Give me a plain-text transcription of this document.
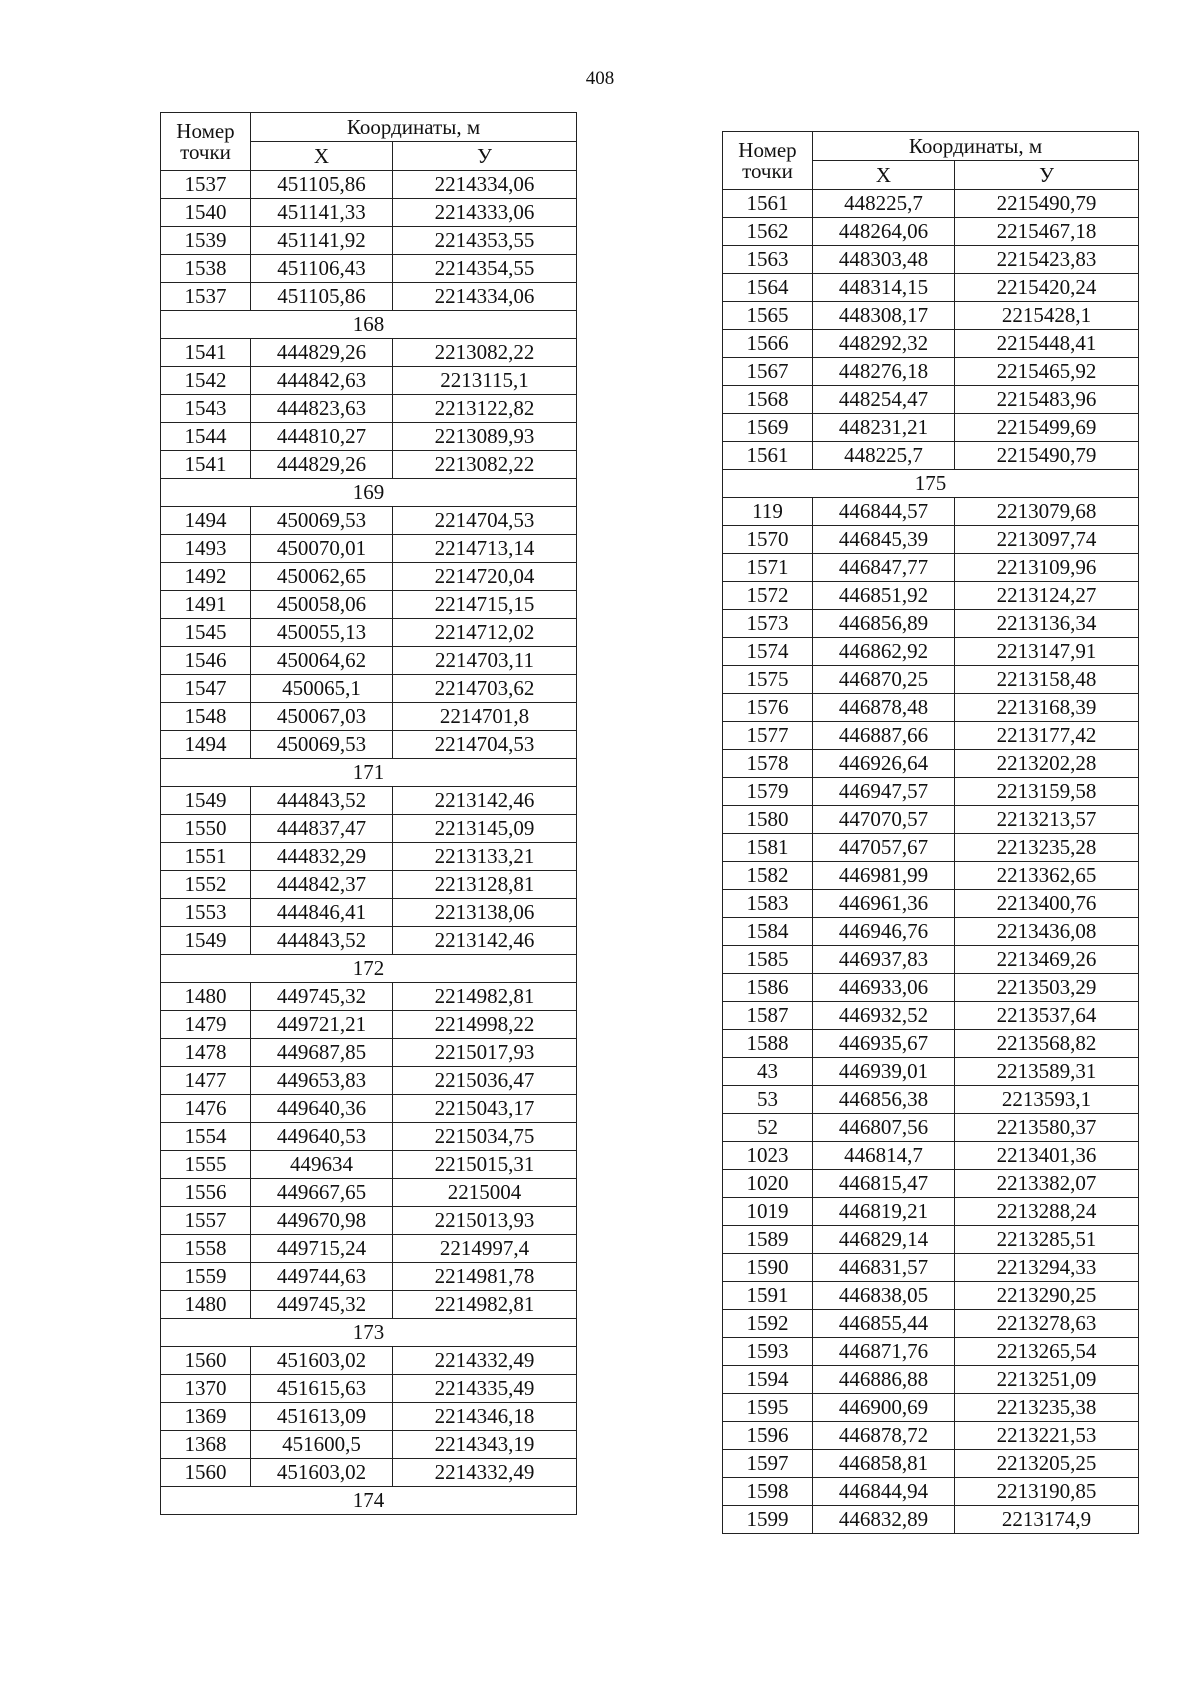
408
Номер точки	Координаты, м	
	X	У
1537	451105,86	2214334,06
1540	451141,33	2214333,06
1539	451141,92	2214353,55
1538	451106,43	2214354,55
1537	451105,86	2214334,06
168		
1541	444829,26	2213082,22
1542	444842,63	2213115,1
1543	444823,63	2213122,82
1544	444810,27	2213089,93
1541	444829,26	2213082,22
169		
1494	450069,53	2214704,53
1493	450070,01	2214713,14
1492	450062,65	2214720,04
1491	450058,06	2214715,15
1545	450055,13	2214712,02
1546	450064,62	2214703,11
1547	450065,1	2214703,62
1548	450067,03	2214701,8
1494	450069,53	2214704,53
171		
1549	444843,52	2213142,46
1550	444837,47	2213145,09
1551	444832,29	2213133,21
1552	444842,37	2213128,81
1553	444846,41	2213138,06
1549	444843,52	2213142,46
172		
1480	449745,32	2214982,81
1479	449721,21	2214998,22
1478	449687,85	2215017,93
1477	449653,83	2215036,47
1476	449640,36	2215043,17
1554	449640,53	2215034,75
1555	449634	2215015,31
1556	449667,65	2215004
1557	449670,98	2215013,93
1558	449715,24	2214997,4
1559	449744,63	2214981,78
1480	449745,32	2214982,81
173		
1560	451603,02	2214332,49
1370	451615,63	2214335,49
1369	451613,09	2214346,18
1368	451600,5	2214343,19
1560	451603,02	2214332,49
174		
Номер точки	Координаты, м	
	X	У
1561	448225,7	2215490,79
1562	448264,06	2215467,18
1563	448303,48	2215423,83
1564	448314,15	2215420,24
1565	448308,17	2215428,1
1566	448292,32	2215448,41
1567	448276,18	2215465,92
1568	448254,47	2215483,96
1569	448231,21	2215499,69
1561	448225,7	2215490,79
175		
119	446844,57	2213079,68
1570	446845,39	2213097,74
1571	446847,77	2213109,96
1572	446851,92	2213124,27
1573	446856,89	2213136,34
1574	446862,92	2213147,91
1575	446870,25	2213158,48
1576	446878,48	2213168,39
1577	446887,66	2213177,42
1578	446926,64	2213202,28
1579	446947,57	2213159,58
1580	447070,57	2213213,57
1581	447057,67	2213235,28
1582	446981,99	2213362,65
1583	446961,36	2213400,76
1584	446946,76	2213436,08
1585	446937,83	2213469,26
1586	446933,06	2213503,29
1587	446932,52	2213537,64
1588	446935,67	2213568,82
43	446939,01	2213589,31
53	446856,38	2213593,1
52	446807,56	2213580,37
1023	446814,7	2213401,36
1020	446815,47	2213382,07
1019	446819,21	2213288,24
1589	446829,14	2213285,51
1590	446831,57	2213294,33
1591	446838,05	2213290,25
1592	446855,44	2213278,63
1593	446871,76	2213265,54
1594	446886,88	2213251,09
1595	446900,69	2213235,38
1596	446878,72	2213221,53
1597	446858,81	2213205,25
1598	446844,94	2213190,85
1599	446832,89	2213174,9
